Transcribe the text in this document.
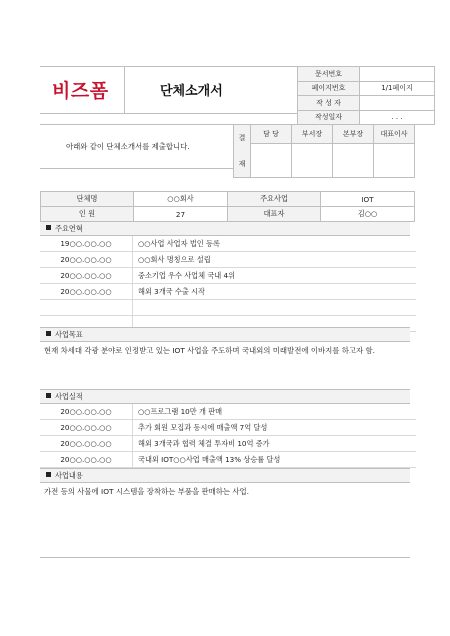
비즈폼	단체소개서
문서번호	
페이지번호	1/1페이지
작 성 자	
작성일자	. . .
아래와 같이 단체소개서를 제출합니다.
결
재	담 당	부서장	본부장	대표이사

단체명	○○회사	주요사업	IOT
인 원	27	대표자	김○○
주요연혁
19○○.○○.○○	○○사업 사업자 법인 등록
20○○.○○.○○	○○회사 명칭으로 설립
20○○.○○.○○	중소기업 우수 사업체 국내 4위
20○○.○○.○○	해외 3개국 수출 시작

사업목표
현재 차세대 각광 분야로 인정받고 있는 IOT 사업을 주도하며 국내외의 미래발전에 이바지를 하고자 함.
사업실적
20○○.○○.○○	○○프로그램 10만 개 판매
20○○.○○.○○	추가 회원 모집과 동시에 매출액 7억 달성
20○○.○○.○○	해외 3개국과 협력 체결 투자비 10억 증가
20○○.○○.○○	국내외 IOT○○사업 매출액 13% 상승률 달성
사업내용
가전 등의 사물에 IOT 시스템을 장착하는 부품을 판매하는 사업.
